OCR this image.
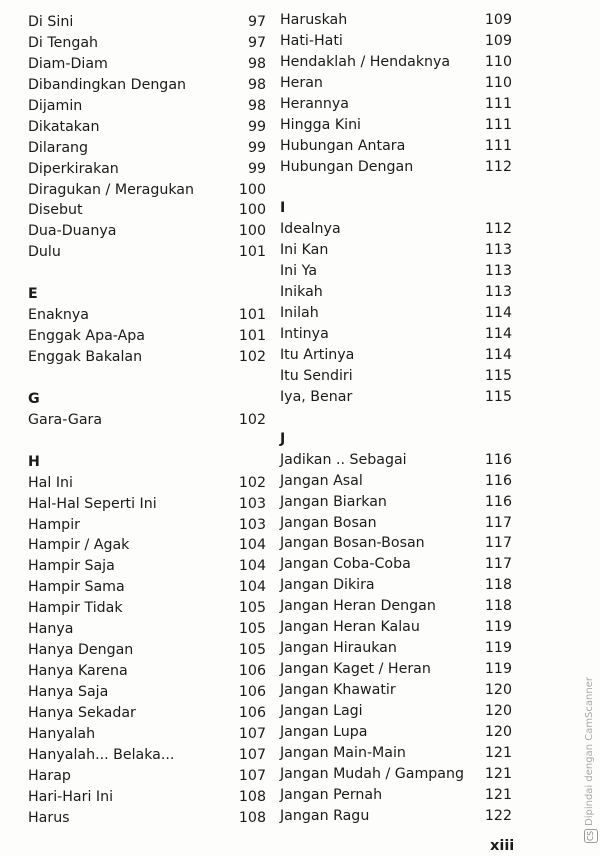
Di Sini	97
Di Tengah	97
Diam-Diam	98
Dibandingkan Dengan	98
Dijamin	98
Dikatakan	99
Dilarang	99
Diperkirakan	99
Diragukan / Meragukan	100
Disebut	100
Dua-Duanya	100
Dulu	101
E
Enaknya	101
Enggak Apa-Apa	101
Enggak Bakalan	102
G
Gara-Gara	102
H
Hal Ini	102
Hal-Hal Seperti Ini	103
Hampir	103
Hampir / Agak	104
Hampir Saja	104
Hampir Sama	104
Hampir Tidak	105
Hanya	105
Hanya Dengan	105
Hanya Karena	106
Hanya Saja	106
Hanya Sekadar	106
Hanyalah	107
Hanyalah... Belaka...	107
Harap	107
Hari-Hari Ini	108
Harus	108
Haruskah	109
Hati-Hati	109
Hendaklah / Hendaknya 110
Heran	110
Herannya	111
Hingga Kini	111
Hubungan Antara	111
Hubungan Dengan	112
I
Idealnya	112
Ini Kan	113
Ini Ya	113
Inikah	113
Inilah	114
Intinya	114
Itu Artinya	114
Itu Sendiri	115
Iya, Benar	115
J
Jadikan .. Sebagai	116
Jangan Asal	116
Jangan Biarkan	116
Jangan Bosan	117
Jangan Bosan-Bosan	117
Jangan Coba-Coba	117
Jangan Dikira	118
Jangan Heran Dengan	118
Jangan Heran Kalau	119
Jangan Hiraukan	119
Jangan Kaget / Heran	119
Jangan Khawatir	120
Jangan Lagi	120
Jangan Lupa	120
Jangan Main-Main	121
Jangan Mudah / Gampang 121
Jangan Pernah	121
Jangan Ragu	122
xiii
CS
Dipindai dengan CamScanner
